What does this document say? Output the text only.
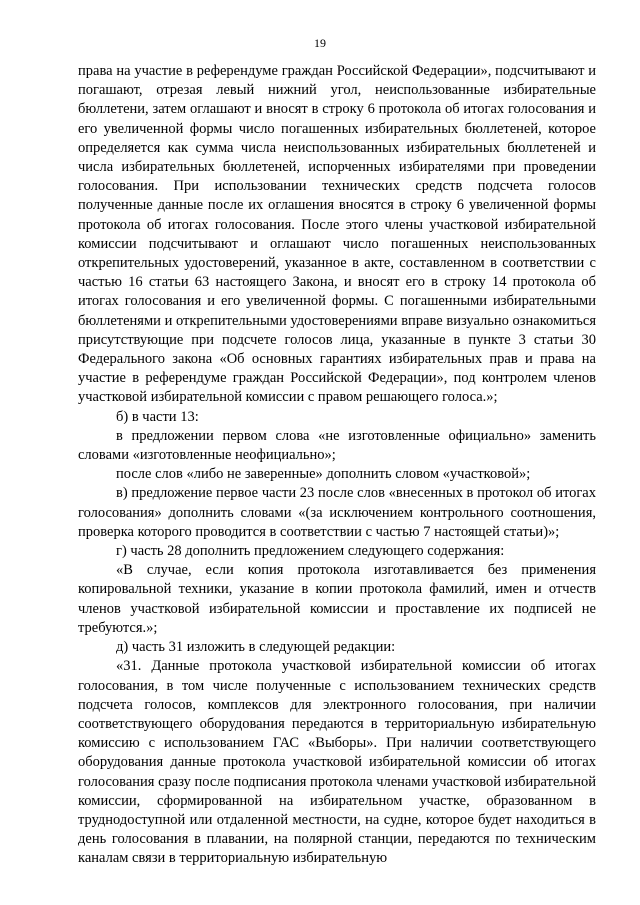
19

права на участие в референдуме граждан Российской Федерации», подсчитывают и погашают, отрезая левый нижний угол, неиспользованные избирательные бюллетени, затем оглашают и вносят в строку 6 протокола об итогах голосования и его увеличенной формы число погашенных избирательных бюллетеней, которое определяется как сумма числа неиспользованных избирательных бюллетеней и числа избирательных бюллетеней, испорченных избирателями при проведении голосования. При использовании технических средств подсчета голосов полученные данные после их оглашения вносятся в строку 6 увеличенной формы протокола об итогах голосования. После этого члены участковой избирательной комиссии подсчитывают и оглашают число погашенных неиспользованных открепительных удостоверений, указанное в акте, составленном в соответствии с частью 16 статьи 63 настоящего Закона, и вносят его в строку 14 протокола об итогах голосования и его увеличенной формы. С погашенными избирательными бюллетенями и открепительными удостоверениями вправе визуально ознакомиться присутствующие при подсчете голосов лица, указанные в пункте 3 статьи 30 Федерального закона «Об основных гарантиях избирательных прав и права на участие в референдуме граждан Российской Федерации», под контролем членов участковой избирательной комиссии с правом решающего голоса.»;

б) в части 13:

в предложении первом слова «не изготовленные официально» заменить словами «изготовленные неофициально»;

после слов «либо не заверенные» дополнить словом «участковой»;

в) предложение первое части 23 после слов «внесенных в протокол об итогах голосования» дополнить словами «(за исключением контрольного соотношения, проверка которого проводится в соответствии с частью 7 настоящей статьи)»;

г) часть 28 дополнить предложением следующего содержания:

«В случае, если копия протокола изготавливается без применения копировальной техники, указание в копии протокола фамилий, имен и отчеств членов участковой избирательной комиссии и проставление их подписей не требуются.»;

д) часть 31 изложить в следующей редакции:

«31. Данные протокола участковой избирательной комиссии об итогах голосования, в том числе полученные с использованием технических средств подсчета голосов, комплексов для электронного голосования, при наличии соответствующего оборудования передаются в территориальную избирательную комиссию с использованием ГАС «Выборы». При наличии соответствующего оборудования данные протокола участковой избирательной комиссии об итогах голосования сразу после подписания протокола членами участковой избирательной комиссии, сформированной на избирательном участке, образованном в труднодоступной или отдаленной местности, на судне, которое будет находиться в день голосования в плавании, на полярной станции, передаются по техническим каналам связи в территориальную избирательную
